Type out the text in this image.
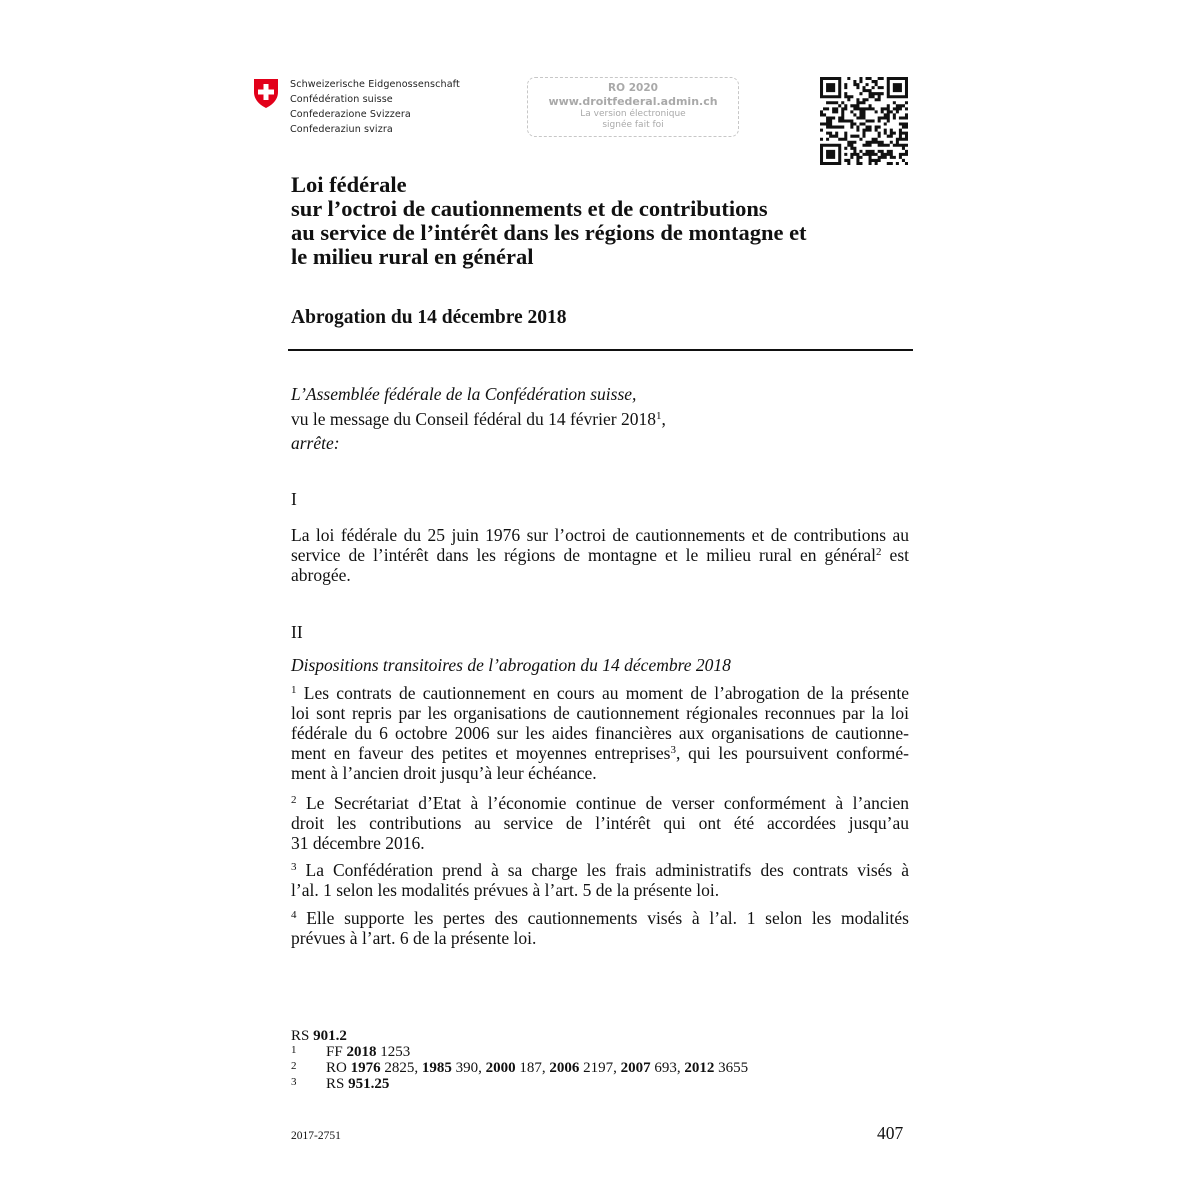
Schweizerische Eidgenossenschaft
Confédération suisse
Confederazione Svizzera
Confederaziun svizra
RO 2020
www.droitfederal.admin.ch
La version électronique
signée fait foi
Loi fédérale
sur l’octroi de cautionnements et de contributions
au service de l’intérêt dans les régions de montagne et
le milieu rural en général
Abrogation du 14 décembre 2018
L’Assemblée fédérale de la Confédération suisse,
vu le message du Conseil fédéral du 14 février 2018$^1$,
arrête:
I
La loi fédérale du 25 juin 1976 sur l’octroi de cautionnements et de contributions au
service de l’intérêt dans les régions de montagne et le milieu rural en général$^2$ est
abrogée.
II
Dispositions transitoires de l’abrogation du 14 décembre 2018
$^1$ Les contrats de cautionnement en cours au moment de l’abrogation de la présente
loi sont repris par les organisations de cautionnement régionales reconnues par la loi
fédérale du 6 octobre 2006 sur les aides financières aux organisations de cautionne-
ment en faveur des petites et moyennes entreprises$^3$, qui les poursuivent conformé-
ment à l’ancien droit jusqu’à leur échéance.
$^2$ Le Secrétariat d’Etat à l’économie continue de verser conformément à l’ancien
droit les contributions au service de l’intérêt qui ont été accordées jusqu’au
31 décembre 2016.
$^3$ La Confédération prend à sa charge les frais administratifs des contrats visés à
l’al. 1 selon les modalités prévues à l’art. 5 de la présente loi.
$^4$ Elle supporte les pertes des cautionnements visés à l’al. 1 selon les modalités
prévues à l’art. 6 de la présente loi.
RS 901.2
1 FF 2018 1253
2 RO 1976 2825, 1985 390, 2000 187, 2006 2197, 2007 693, 2012 3655
3 RS 951.25
2017-2751	407
